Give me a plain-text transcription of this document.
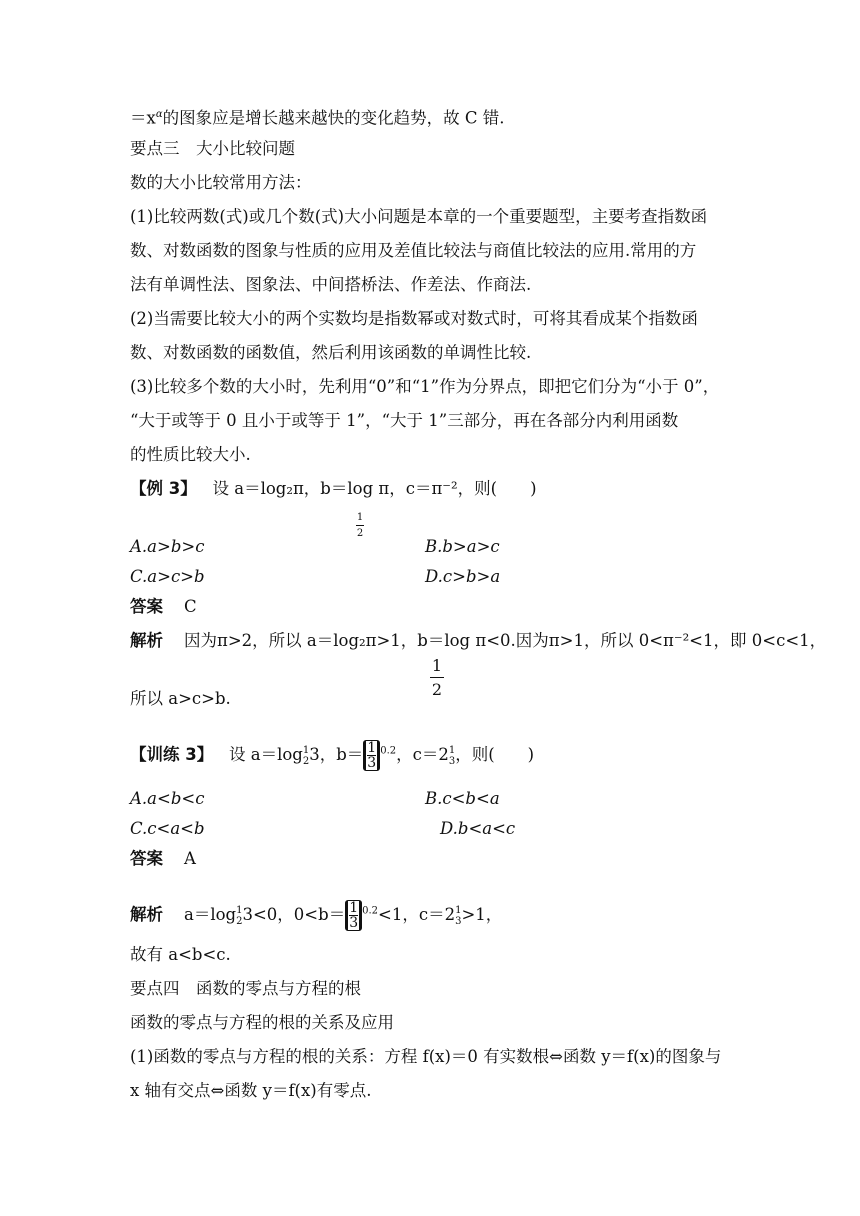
$=x^\alpha$的图象应是增长越来越快的变化趋势，故 C 错.
要点三　大小比较问题
数的大小比较常用方法：
(1)比较两数(式)或几个数(式)大小问题是本章的一个重要题型，主要考查指数函
数、对数函数的图象与性质的应用及差值比较法与商值比较法的应用.常用的方
法有单调性法、图象法、中间搭桥法、作差法、作商法.
(2)当需要比较大小的两个实数均是指数幂或对数式时，可将其看成某个指数函
数、对数函数的函数值，然后利用该函数的单调性比较.
(3)比较多个数的大小时，先利用“0”和“1”作为分界点，即把它们分为“小于 0”，
“大于或等于 0 且小于或等于 1”，“大于 1”三部分，再在各部分内利用函数
的性质比较大小.
【例 3】 设 a＝log₂π，b＝log π，c＝π⁻²，则(　　)
1
2
A.a>b>c	B.b>a>c
C.a>c>b	D.c>b>a
答案 C
解析 因为π>2，所以 a＝log₂π>1，b＝log π<0.因为π>1，所以 0<π⁻²<1，即 0<c<1，
1
2
所以 a>c>b.
【训练 3】 设 a＝log1
23，$b= \frac{1}{3}^{0.2}$，c＝21
3，则(　　)
A.a<b<c	B.c<b<a
C.c<a<b	D.b<a<c
答案 A
解析 a＝log1
23<0，$0<b= \frac{1}{3}^{0.2}<1$，c＝21
3>1，
故有 a<b<c.
要点四　函数的零点与方程的根
函数的零点与方程的根的关系及应用
(1)函数的零点与方程的根的关系：方程 f(x)＝0 有实数根⇔函数 y＝f(x)的图象与
x 轴有交点⇔函数 y＝f(x)有零点.
